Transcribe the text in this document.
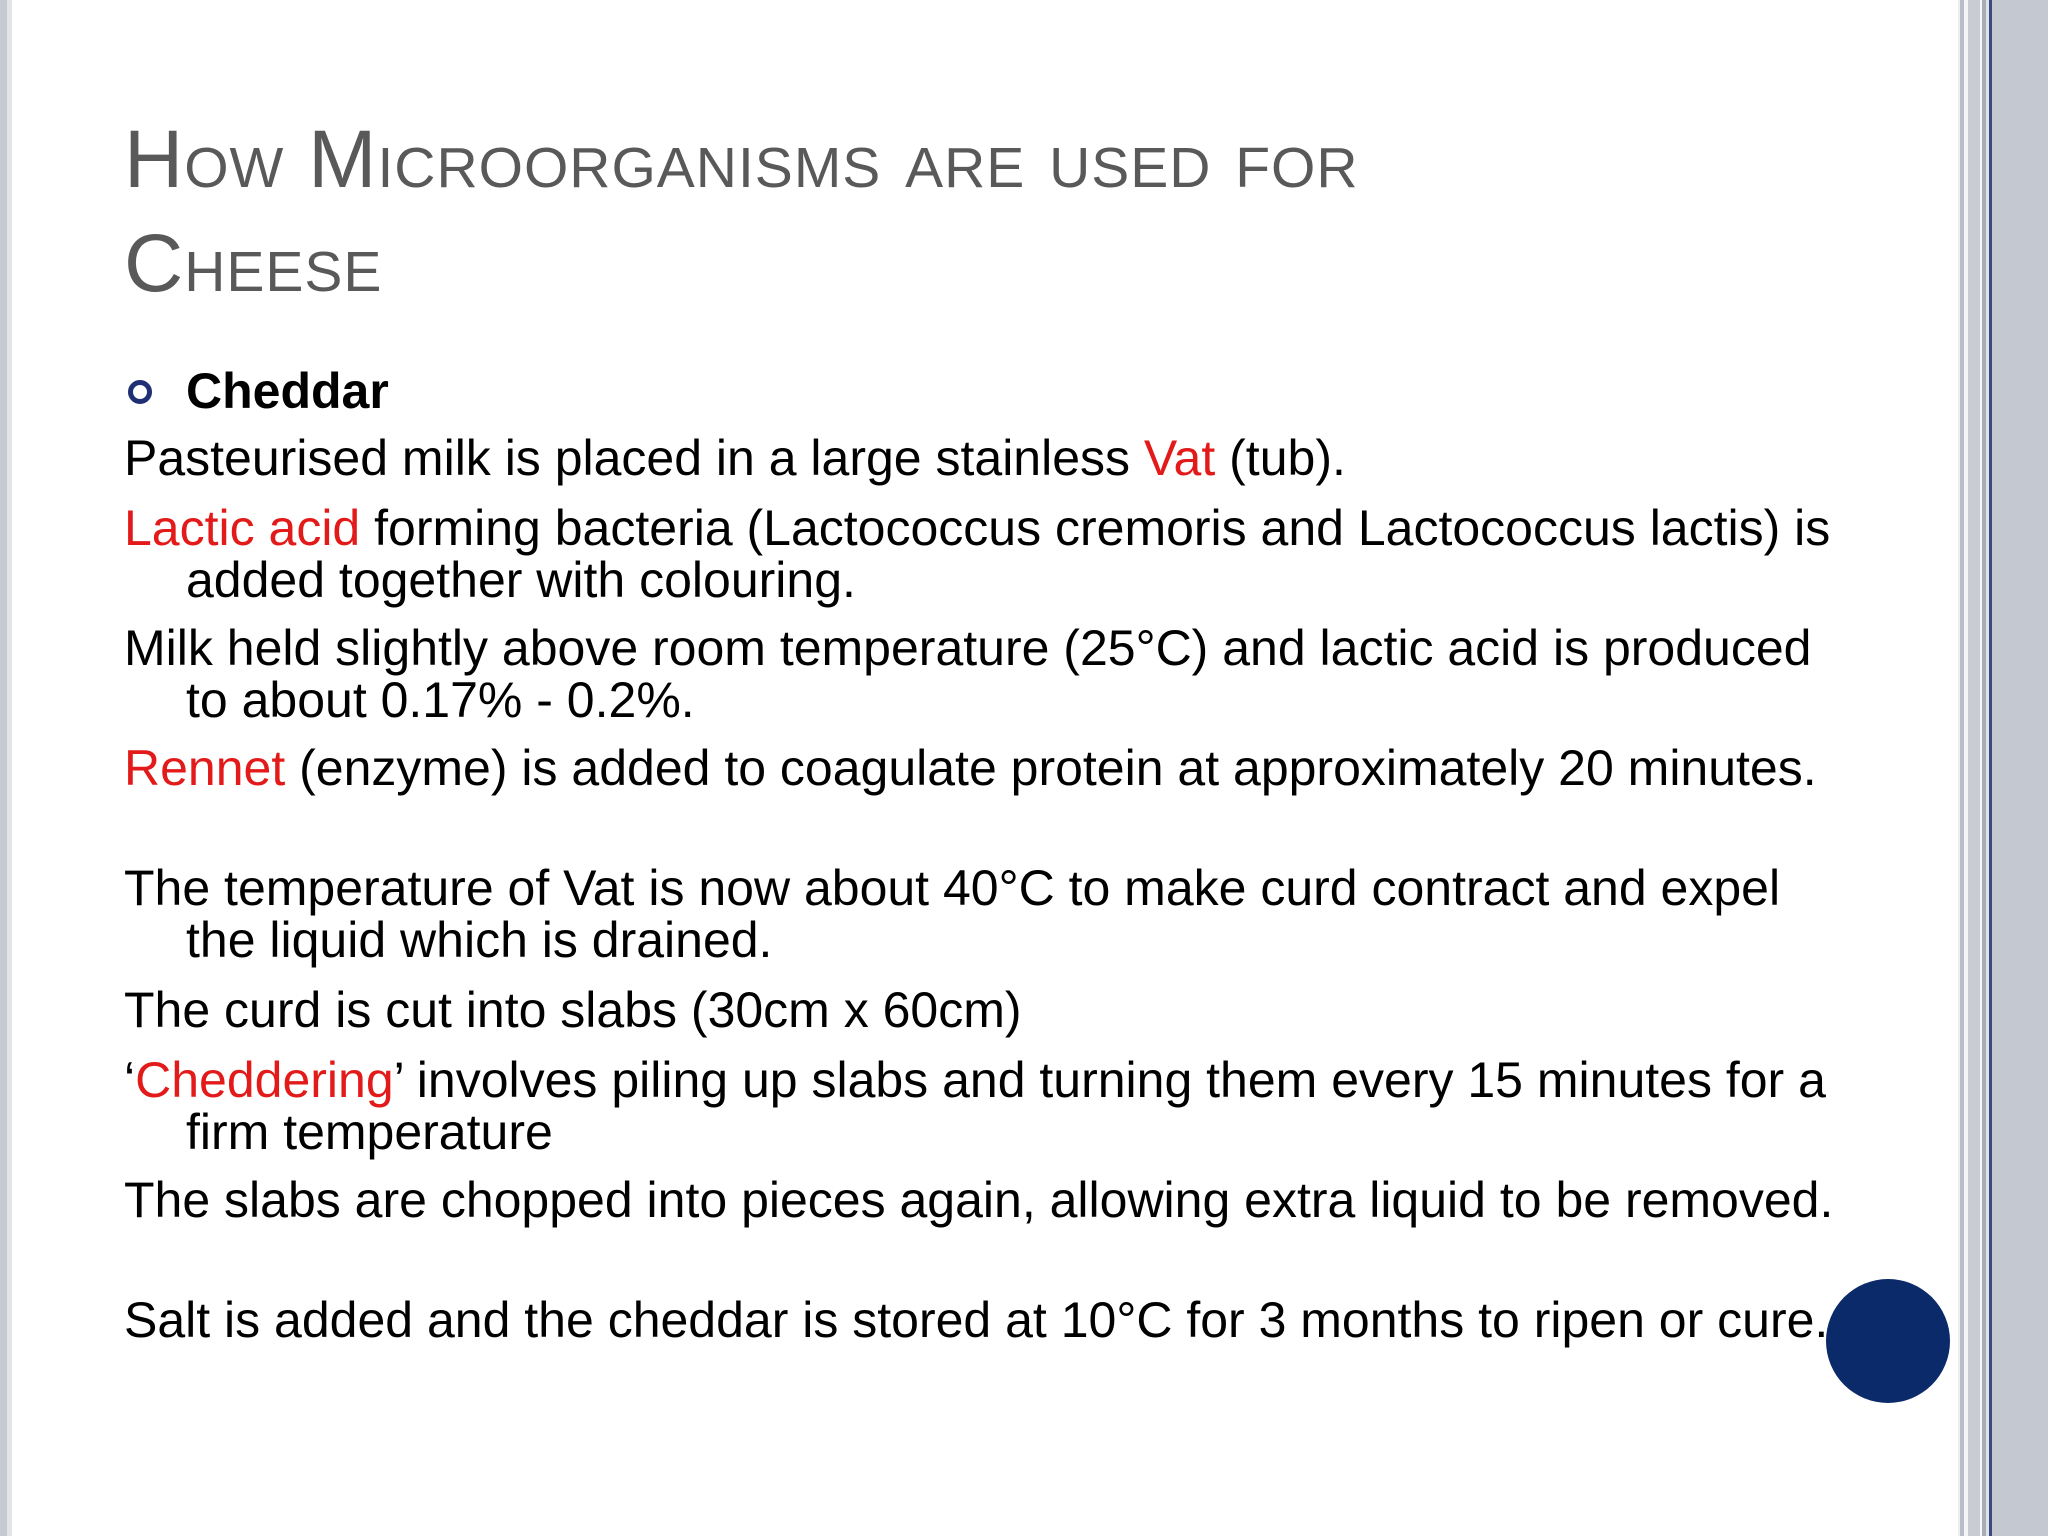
How Microorganisms are used for
Cheese
Cheddar
Pasteurised milk is placed in a large stainless Vat (tub).
Lactic acid forming bacteria (Lactococcus cremoris and Lactococcus lactis) is added together with colouring.
Milk held slightly above room temperature (25°C) and lactic acid is produced to about 0.17% - 0.2%.
Rennet (enzyme) is added to coagulate protein at approximately 20 minutes.
The temperature of Vat is now about 40°C to make curd contract and expel the liquid which is drained.
The curd is cut into slabs (30cm x 60cm)
‘Cheddering’ involves piling up slabs and turning them every 15 minutes for a firm temperature
The slabs are chopped into pieces again, allowing extra liquid to be removed.
Salt is added and the cheddar is stored at 10°C for 3 months to ripen or cure.
